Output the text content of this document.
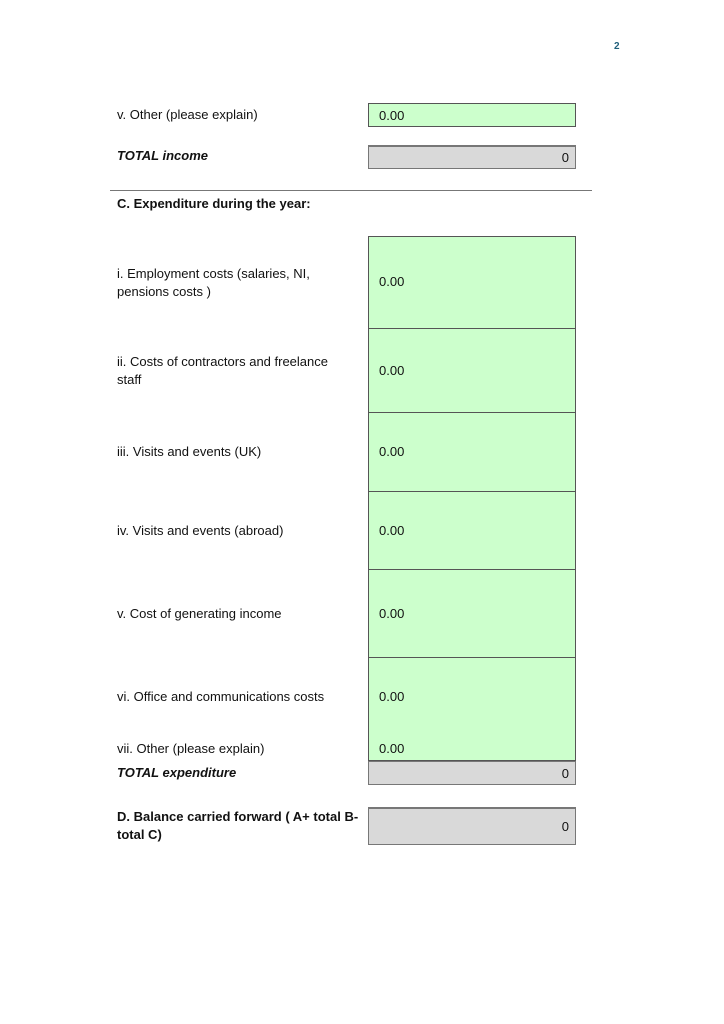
2
v. Other (please explain)	0.00
TOTAL income	0
C. Expenditure during the year:
i. Employment costs (salaries, NI,
pensions costs )
0.00
ii. Costs of contractors and freelance
staff
0.00
iii. Visits and events (UK)	0.00
iv. Visits and events (abroad)	0.00
v. Cost of generating income	0.00
vi. Office and communications costs	0.00
vii. Other (please explain)	0.00
TOTAL expenditure	0
D. Balance carried forward ( A+ total B-
total C)
0
